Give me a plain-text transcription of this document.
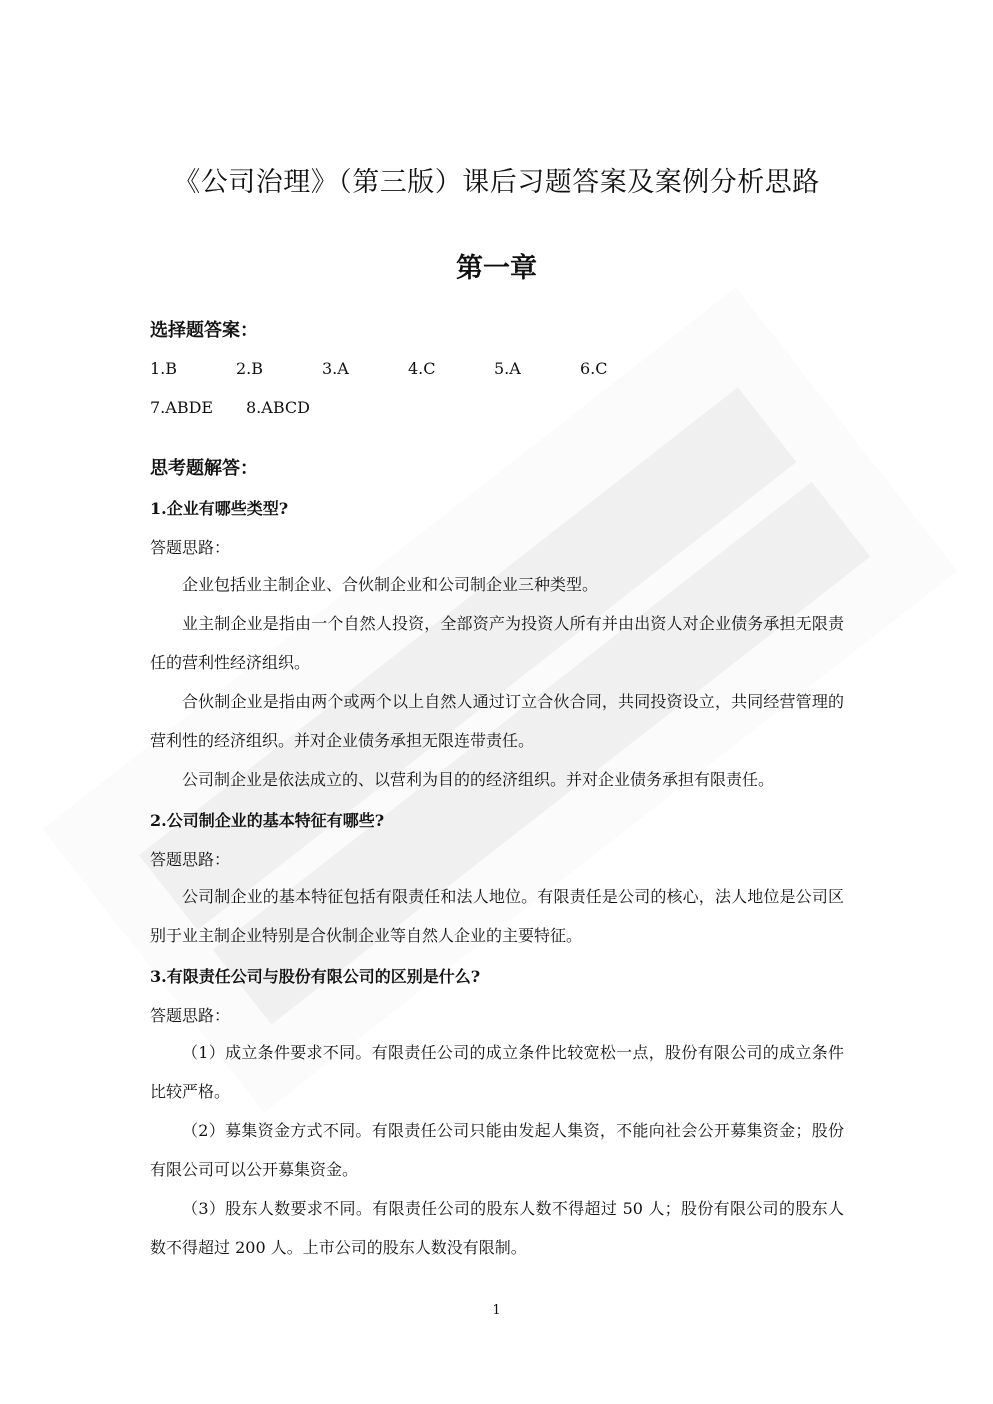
《公司治理》（第三版）课后习题答案及案例分析思路
第一章
选择题答案：
1.B	2.B	3.A	4.C	5.A	6.C
7.ABDE 8.ABCD
思考题解答：
1.企业有哪些类型?
答题思路：
企业包括业主制企业、合伙制企业和公司制企业三种类型。
业主制企业是指由一个自然人投资，全部资产为投资人所有并由出资人对企业债务承担无限责任的营利性经济组织。
合伙制企业是指由两个或两个以上自然人通过订立合伙合同，共同投资设立，共同经营管理的营利性的经济组织。并对企业债务承担无限连带责任。
公司制企业是依法成立的、以营利为目的的经济组织。并对企业债务承担有限责任。
2.公司制企业的基本特征有哪些?
答题思路：
公司制企业的基本特征包括有限责任和法人地位。有限责任是公司的核心，法人地位是公司区别于业主制企业特别是合伙制企业等自然人企业的主要特征。
3.有限责任公司与股份有限公司的区别是什么?
答题思路：
（1）成立条件要求不同。有限责任公司的成立条件比较宽松一点，股份有限公司的成立条件比较严格。
（2）募集资金方式不同。有限责任公司只能由发起人集资，不能向社会公开募集资金；股份有限公司可以公开募集资金。
（3）股东人数要求不同。有限责任公司的股东人数不得超过 50 人；股份有限公司的股东人数不得超过 200 人。上市公司的股东人数没有限制。
1
